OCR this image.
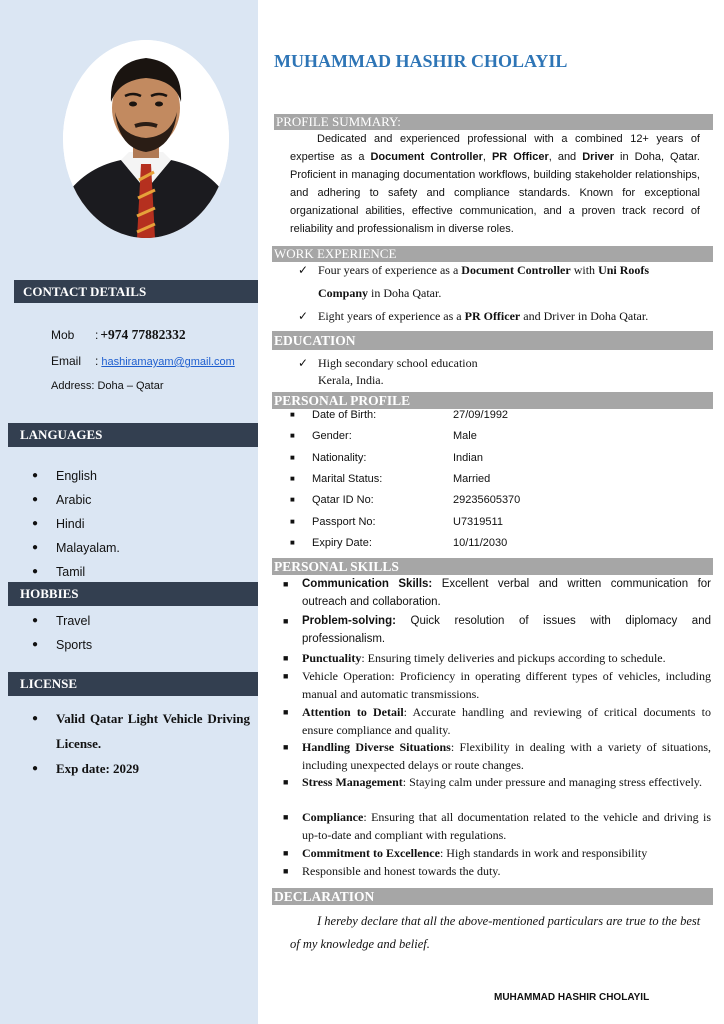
CONTACT DETAILS
Mob : +974 77882332
Email : hashiramayam@gmail.com
Address: Doha – Qatar
LANGUAGES
● English
● Arabic
● Hindi
● Malayalam.
● Tamil
HOBBIES
● Travel
● Sports
LICENSE
● Valid Qatar Light Vehicle Driving License.
● Exp date: 2029
MUHAMMAD HASHIR CHOLAYIL
PROFILE SUMMARY:
Dedicated and experienced professional with a combined 12+ years of expertise as a Document Controller, PR Officer, and Driver in Doha, Qatar. Proficient in managing documentation workflows, building stakeholder relationships, and adhering to safety and compliance standards. Known for exceptional organizational abilities, effective communication, and a proven track record of reliability and professionalism in diverse roles.
WORK EXPERIENCE
✓ Four years of experience as a Document Controller with Uni Roofs Company in Doha Qatar.
✓ Eight years of experience as a PR Officer and Driver in Doha Qatar.
EDUCATION
✓ High secondary school education
Kerala, India.
PERSONAL PROFILE
■ Date of Birth:	27/09/1992
■ Gender:	Male
■ Nationality:	Indian
■ Marital Status:	Married
■ Qatar ID No:	29235605370
■ Passport No:	U7319511
■ Expiry Date:	10/11/2030
PERSONAL SKILLS
■ Communication Skills: Excellent verbal and written communication for outreach and collaboration.
■ Problem-solving: Quick resolution of issues with diplomacy and professionalism.
■ Punctuality: Ensuring timely deliveries and pickups according to schedule.
■ Vehicle Operation: Proficiency in operating different types of vehicles, including manual and automatic transmissions.
■ Attention to Detail: Accurate handling and reviewing of critical documents to ensure compliance and quality.
■ Handling Diverse Situations: Flexibility in dealing with a variety of situations, including unexpected delays or route changes.
■ Stress Management: Staying calm under pressure and managing stress effectively.
■ Compliance: Ensuring that all documentation related to the vehicle and driving is up-to-date and compliant with regulations.
■ Commitment to Excellence: High standards in work and responsibility
■ Responsible and honest towards the duty.
DECLARATION
I hereby declare that all the above-mentioned particulars are true to the best of my knowledge and belief.
MUHAMMAD HASHIR CHOLAYIL
